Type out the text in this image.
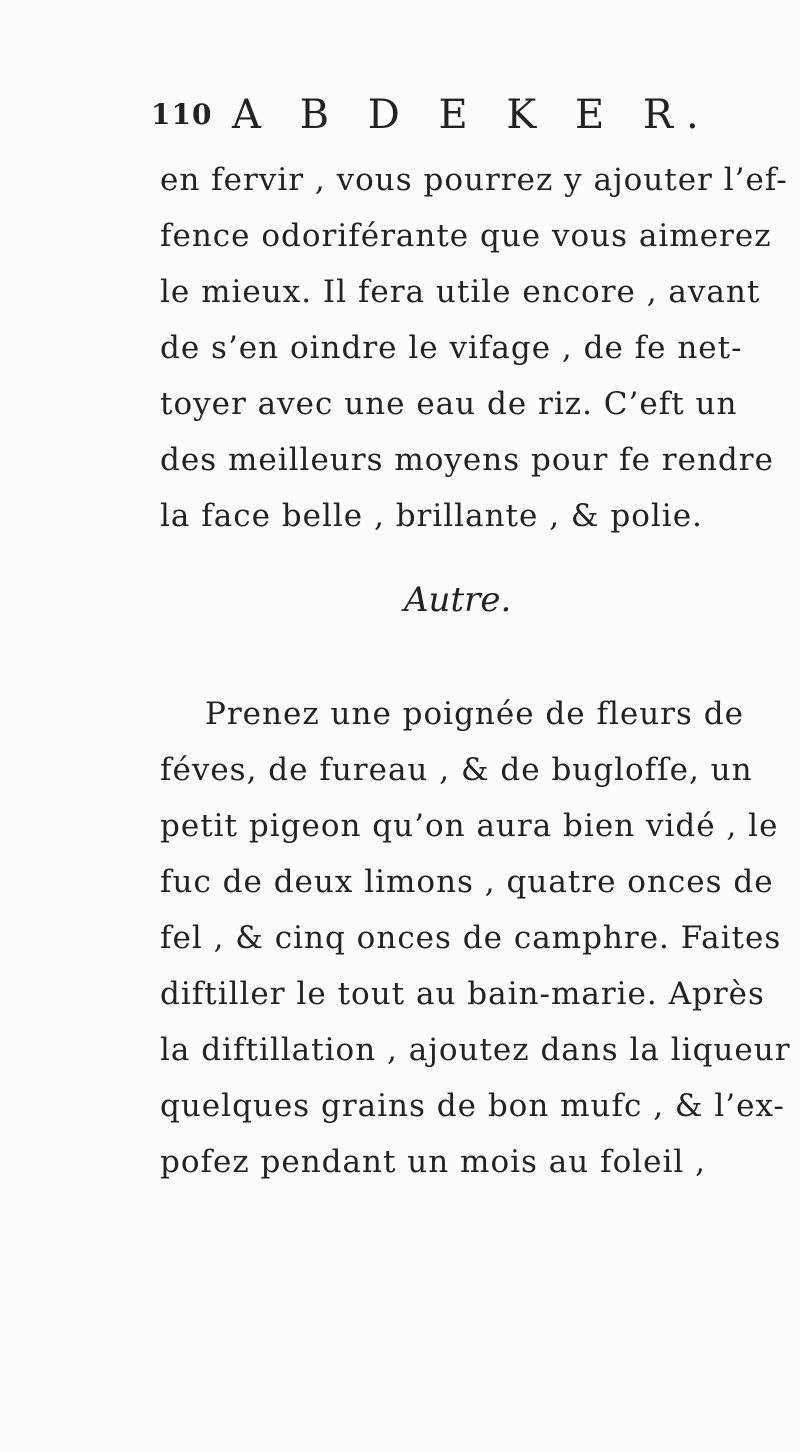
110 A B D E K E R .
en fervir , vous pourrez y ajouter l’ef-
fence odoriférante que vous aimerez
le mieux. Il fera utile encore , avant
de s’en oindre le vifage , de fe net-
toyer avec une eau de riz. C’eft un
des meilleurs moyens pour fe rendre
la face belle , brillante , & polie.
Autre.
Prenez une poignée de fleurs de
féves, de fureau , & de buglofſe, un
petit pigeon qu’on aura bien vidé , le
fuc de deux limons , quatre onces de
fel , & cinq onces de camphre. Faites
diftiller le tout au bain-marie. Après
la diftillation , ajoutez dans la liqueur
quelques grains de bon mufc , & l’ex-
pofez pendant un mois au foleil ,
